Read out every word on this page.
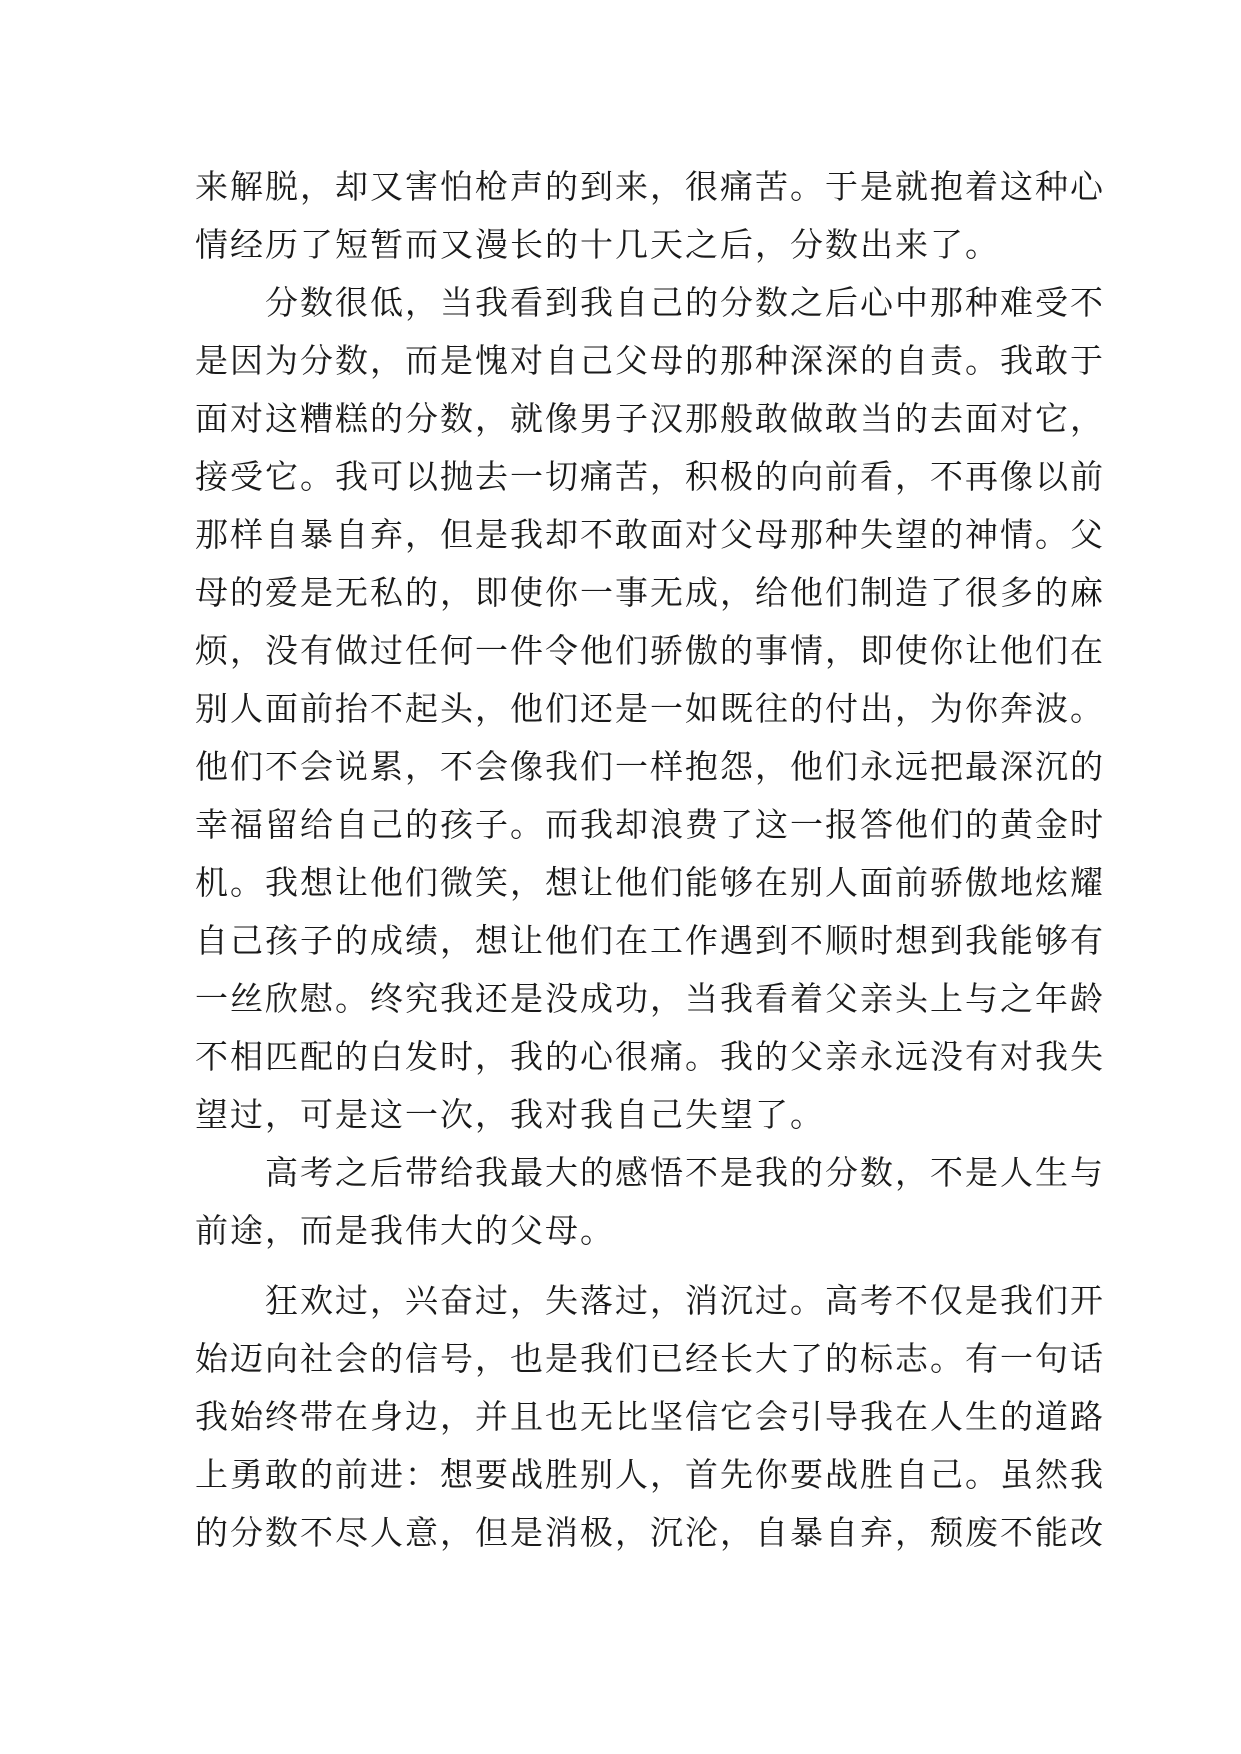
来解脱，却又害怕枪声的到来，很痛苦。于是就抱着这种心
情经历了短暂而又漫长的十几天之后，分数出来了。
分数很低，当我看到我自己的分数之后心中那种难受不
是因为分数，而是愧对自己父母的那种深深的自责。我敢于
面对这糟糕的分数，就像男子汉那般敢做敢当的去面对它，
接受它。我可以抛去一切痛苦，积极的向前看，不再像以前
那样自暴自弃，但是我却不敢面对父母那种失望的神情。父
母的爱是无私的，即使你一事无成，给他们制造了很多的麻
烦，没有做过任何一件令他们骄傲的事情，即使你让他们在
别人面前抬不起头，他们还是一如既往的付出，为你奔波。
他们不会说累，不会像我们一样抱怨，他们永远把最深沉的
幸福留给自己的孩子。而我却浪费了这一报答他们的黄金时
机。我想让他们微笑，想让他们能够在别人面前骄傲地炫耀
自己孩子的成绩，想让他们在工作遇到不顺时想到我能够有
一丝欣慰。终究我还是没成功，当我看着父亲头上与之年龄
不相匹配的白发时，我的心很痛。我的父亲永远没有对我失
望过，可是这一次，我对我自己失望了。
高考之后带给我最大的感悟不是我的分数，不是人生与
前途，而是我伟大的父母。
狂欢过，兴奋过，失落过，消沉过。高考不仅是我们开
始迈向社会的信号，也是我们已经长大了的标志。有一句话
我始终带在身边，并且也无比坚信它会引导我在人生的道路
上勇敢的前进：想要战胜别人，首先你要战胜自己。虽然我
的分数不尽人意，但是消极，沉沦，自暴自弃，颓废不能改
